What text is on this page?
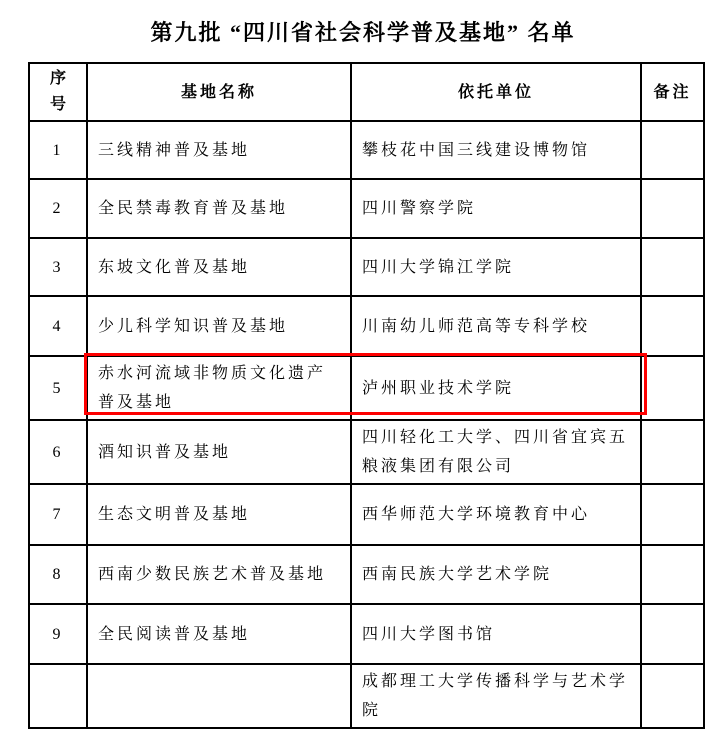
第九批 “四川省社会科学普及基地” 名单
序号	基地名称	依托单位	备注
1	三线精神普及基地	攀枝花中国三线建设博物馆	
2	全民禁毒教育普及基地	四川警察学院	
3	东坡文化普及基地	四川大学锦江学院	
4	少儿科学知识普及基地	川南幼儿师范高等专科学校	
5	赤水河流域非物质文化遗产普及基地	泸州职业技术学院	
6	酒知识普及基地	四川轻化工大学、四川省宜宾五粮液集团有限公司	
7	生态文明普及基地	西华师范大学环境教育中心	
8	西南少数民族艺术普及基地	西南民族大学艺术学院	
9	全民阅读普及基地	四川大学图书馆	
		成都理工大学传播科学与艺术学院	
